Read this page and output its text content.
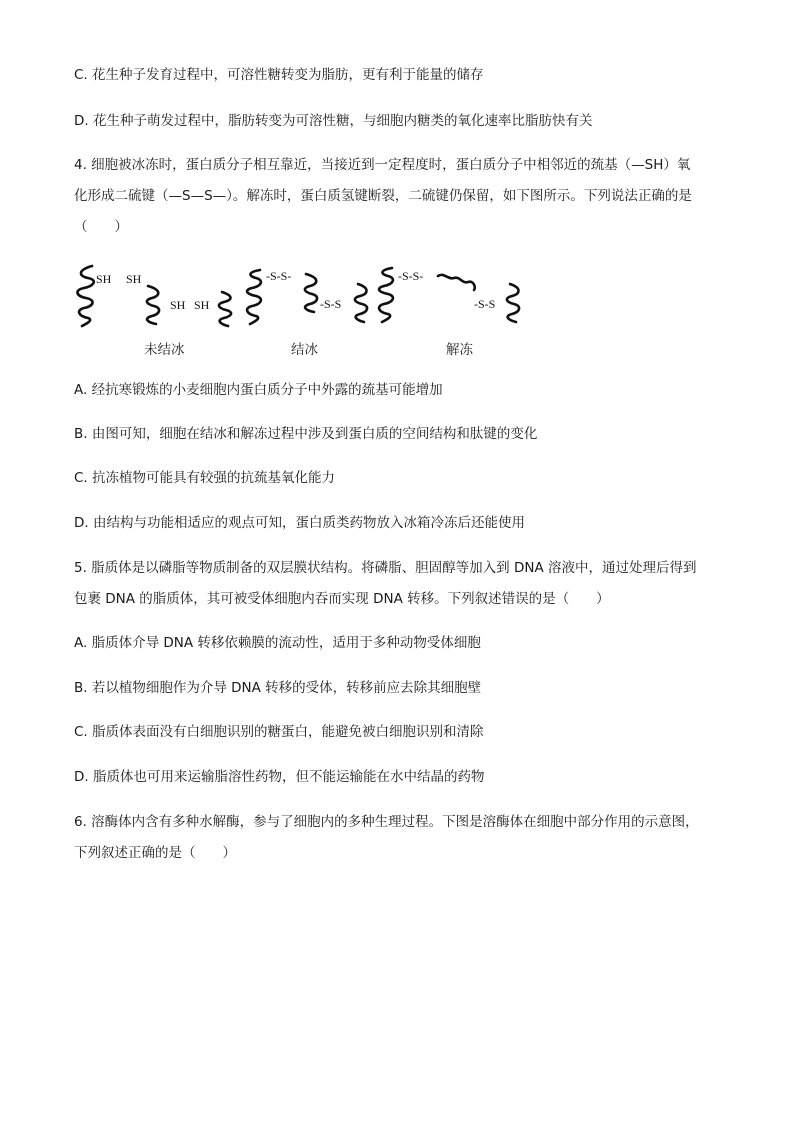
C. 花生种子发育过程中，可溶性糖转变为脂肪，更有利于能量的储存
D. 花生种子萌发过程中，脂肪转变为可溶性糖，与细胞内糖类的氧化速率比脂肪快有关
4. 细胞被冰冻时，蛋白质分子相互靠近，当接近到一定程度时，蛋白质分子中相邻近的巯基（—SH）氧
化形成二硫键（—S—S—）。解冻时，蛋白质氢键断裂，二硫键仍保留，如下图所示。下列说法正确的是
（　　）
SH SH
SH SH
-S-S-
-S-S
-S-S-
-S-S
未结冰	结冰	解冻
A. 经抗寒锻炼的小麦细胞内蛋白质分子中外露的巯基可能增加
B. 由图可知，细胞在结冰和解冻过程中涉及到蛋白质的空间结构和肽键的变化
C. 抗冻植物可能具有较强的抗巯基氧化能力
D. 由结构与功能相适应的观点可知，蛋白质类药物放入冰箱冷冻后还能使用
5. 脂质体是以磷脂等物质制备的双层膜状结构。将磷脂、胆固醇等加入到 DNA 溶液中，通过处理后得到
包裹 DNA 的脂质体，其可被受体细胞内吞而实现 DNA 转移。下列叙述错误的是（　　）
A. 脂质体介导 DNA 转移依赖膜的流动性，适用于多种动物受体细胞
B. 若以植物细胞作为介导 DNA 转移的受体，转移前应去除其细胞壁
C. 脂质体表面没有白细胞识别的糖蛋白，能避免被白细胞识别和清除
D. 脂质体也可用来运输脂溶性药物，但不能运输能在水中结晶的药物
6. 溶酶体内含有多种水解酶，参与了细胞内的多种生理过程。下图是溶酶体在细胞中部分作用的示意图，
下列叙述正确的是（　　）
